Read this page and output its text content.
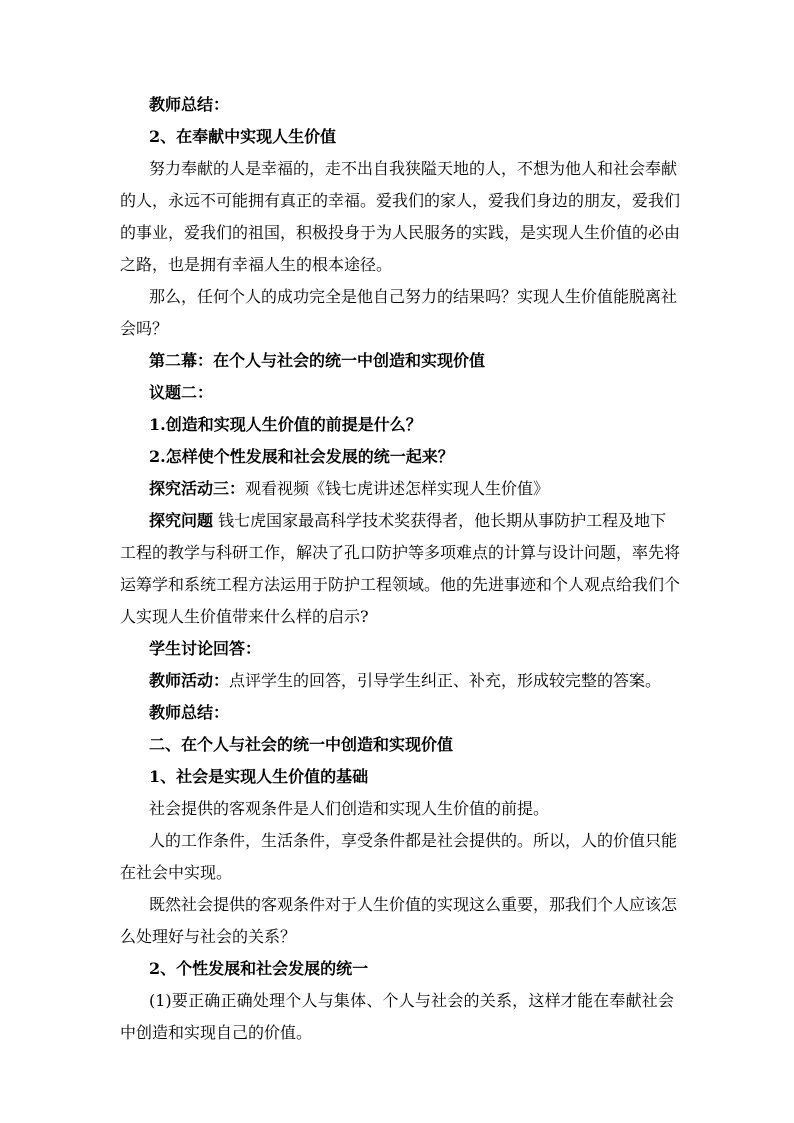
教师总结：
2、在奉献中实现人生价值
努力奉献的人是幸福的，走不出自我狭隘天地的人，不想为他人和社会奉献
的人，永远不可能拥有真正的幸福。爱我们的家人，爱我们身边的朋友，爱我们
的事业，爱我们的祖国，积极投身于为人民服务的实践，是实现人生价值的必由
之路，也是拥有幸福人生的根本途径。
那么，任何个人的成功完全是他自己努力的结果吗？实现人生价值能脱离社
会吗？
第二幕：在个人与社会的统一中创造和实现价值
议题二：
1.创造和实现人生价值的前提是什么？
2.怎样使个性发展和社会发展的统一起来？
探究活动三：观看视频《钱七虎讲述怎样实现人生价值》
探究问题 钱七虎国家最高科学技术奖获得者，他长期从事防护工程及地下
工程的教学与科研工作，解决了孔口防护等多项难点的计算与设计问题，率先将
运筹学和系统工程方法运用于防护工程领域。他的先进事迹和个人观点给我们个
人实现人生价值带来什么样的启示?
学生讨论回答：
教师活动：点评学生的回答，引导学生纠正、补充，形成较完整的答案。
教师总结：
二、在个人与社会的统一中创造和实现价值
1、社会是实现人生价值的基础
社会提供的客观条件是人们创造和实现人生价值的前提。
人的工作条件，生活条件，享受条件都是社会提供的。所以，人的价值只能
在社会中实现。
既然社会提供的客观条件对于人生价值的实现这么重要，那我们个人应该怎
么处理好与社会的关系？
2、个性发展和社会发展的统一
(1)要正确正确处理个人与集体、个人与社会的关系，这样才能在奉献社会
中创造和实现自己的价值。
